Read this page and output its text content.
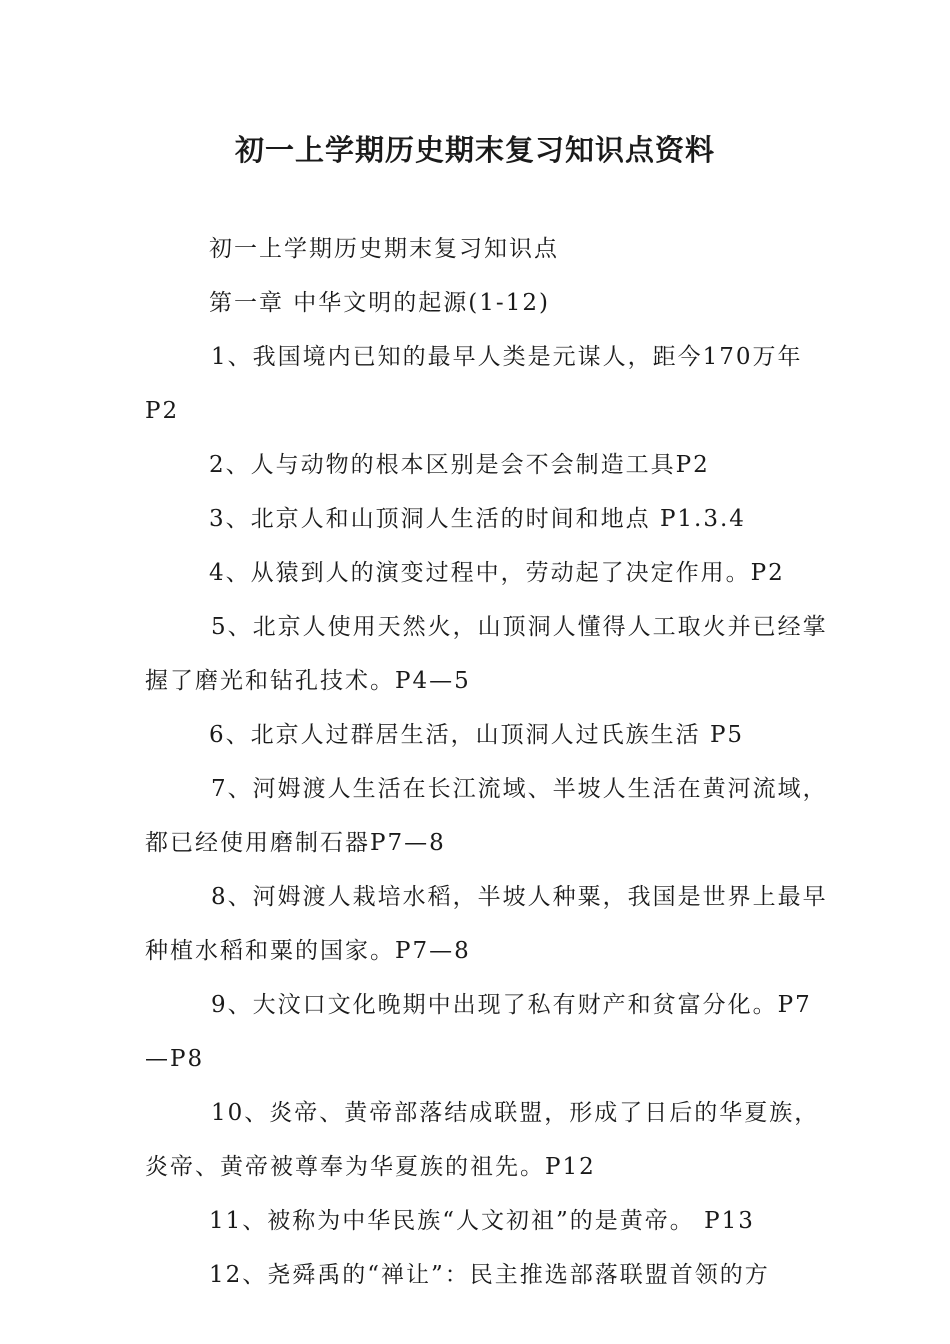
初一上学期历史期末复习知识点资料

初一上学期历史期末复习知识点

第一章 中华文明的起源(1-12)

1、我国境内已知的最早人类是元谋人，距今170万年P2

2、人与动物的根本区别是会不会制造工具P2

3、北京人和山顶洞人生活的时间和地点 P1.3.4

4、从猿到人的演变过程中，劳动起了决定作用。P2

5、北京人使用天然火，山顶洞人懂得人工取火并已经掌握了磨光和钻孔技术。P4—5

6、北京人过群居生活，山顶洞人过氏族生活 P5

7、河姆渡人生活在长江流域、半坡人生活在黄河流域，都已经使用磨制石器P7—8

8、河姆渡人栽培水稻，半坡人种粟，我国是世界上最早种植水稻和粟的国家。P7—8

9、大汶口文化晚期中出现了私有财产和贫富分化。P7—P8

10、炎帝、黄帝部落结成联盟，形成了日后的华夏族，炎帝、黄帝被尊奉为华夏族的祖先。P12

11、被称为中华民族“人文初祖”的是黄帝。 P13

12、尧舜禹的“禅让”：民主推选部落联盟首领的方
